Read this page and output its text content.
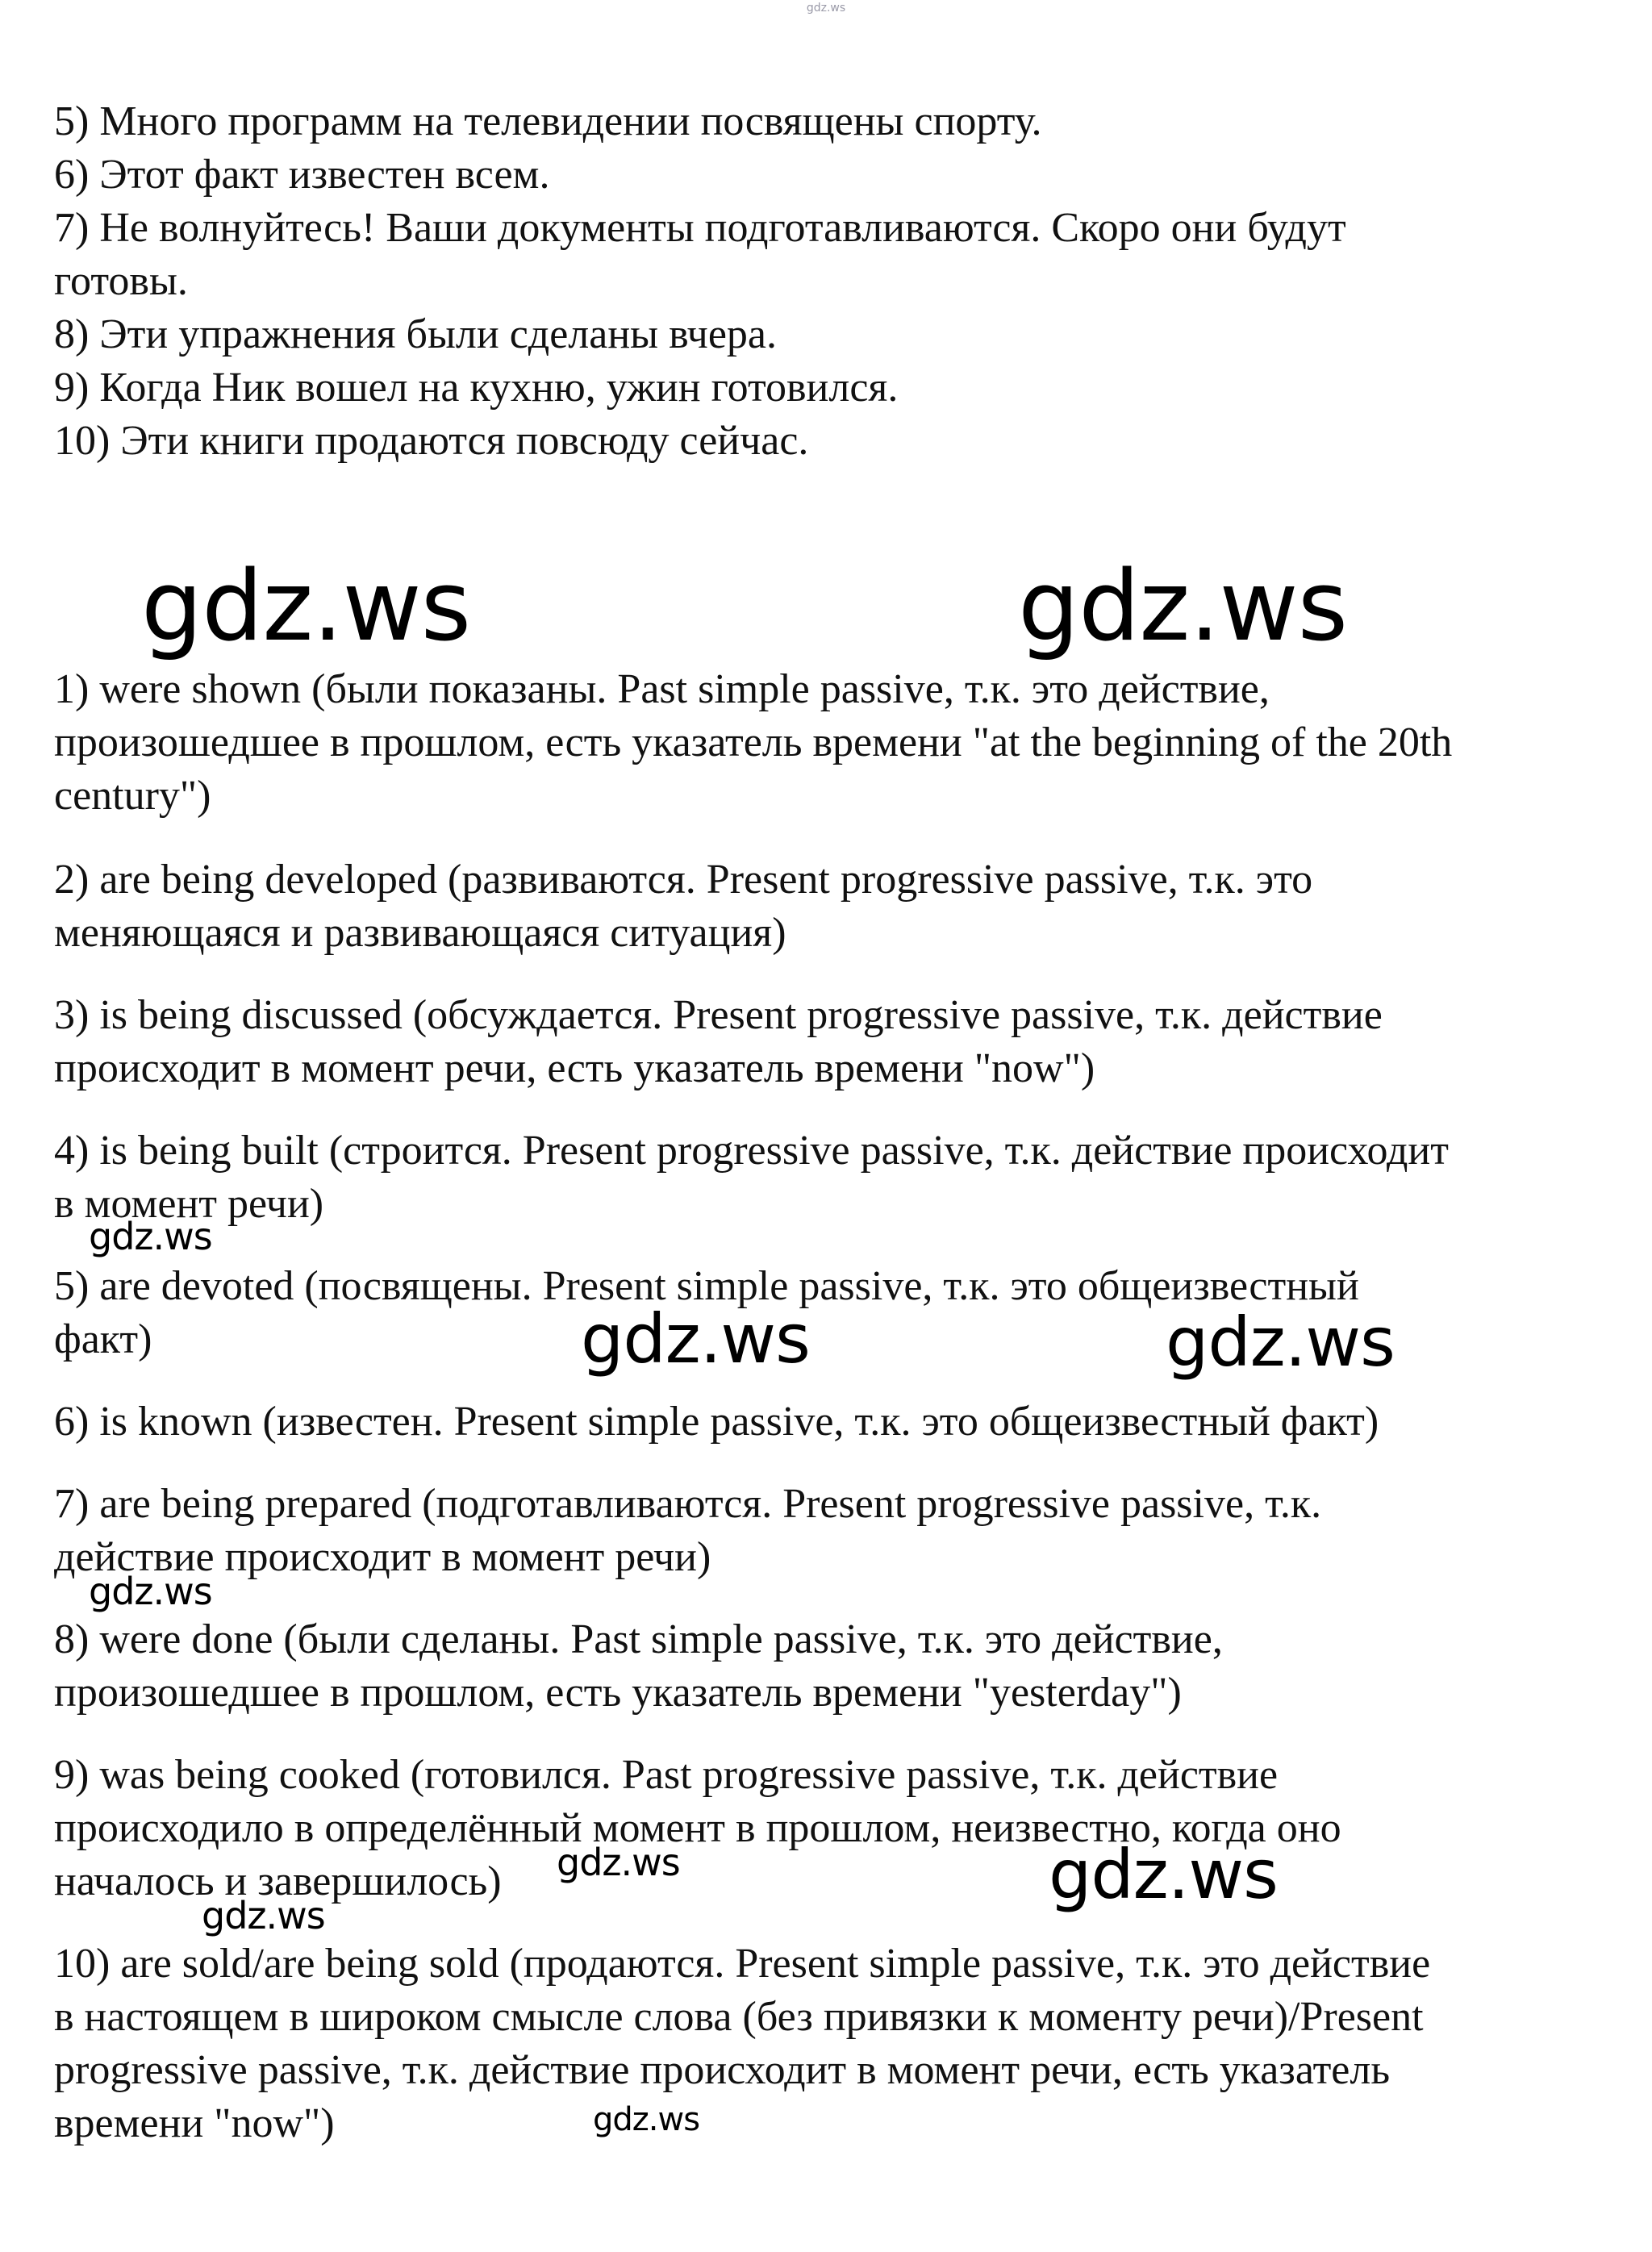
gdz.ws
5) Много программ на телевидении посвящены спорту.
6) Этот факт известен всем.
7) Не волнуйтесь! Ваши документы подготавливаются. Скоро они будут
готовы.
8) Эти упражнения были сделаны вчера.
9) Когда Ник вошел на кухню, ужин готовился.
10) Эти книги продаются повсюду сейчас.
1) were shown (были показаны. Past simple passive, т.к. это действие,
произошедшее в прошлом, есть указатель времени "at the beginning of the 20th
century")
2) are being developed (развиваются. Present progressive passive, т.к. это
меняющаяся и развивающаяся ситуация)
3) is being discussed (обсуждается. Present progressive passive, т.к. действие
происходит в момент речи, есть указатель времени "now")
4) is being built (строится. Present progressive passive, т.к. действие происходит
в момент речи)
5) are devoted (посвящены. Present simple passive, т.к. это общеизвестный
факт)
6) is known (известен. Present simple passive, т.к. это общеизвестный факт)
7) are being prepared (подготавливаются. Present progressive passive, т.к.
действие происходит в момент речи)
8) were done (были сделаны. Past simple passive, т.к. это действие,
произошедшее в прошлом, есть указатель времени "yesterday")
9) was being cooked (готовился. Past progressive passive, т.к. действие
происходило в определённый момент в прошлом, неизвестно, когда оно
началось и завершилось)
10) are sold/are being sold (продаются. Present simple passive, т.к. это действие
в настоящем в широком смысле слова (без привязки к моменту речи)/Present
progressive passive, т.к. действие происходит в момент речи, есть указатель
времени "now")
gdz.ws	gdz.ws
gdz.ws
gdz.ws	gdz.ws
gdz.ws
gdz.ws	gdz.ws
gdz.ws
gdz.ws
